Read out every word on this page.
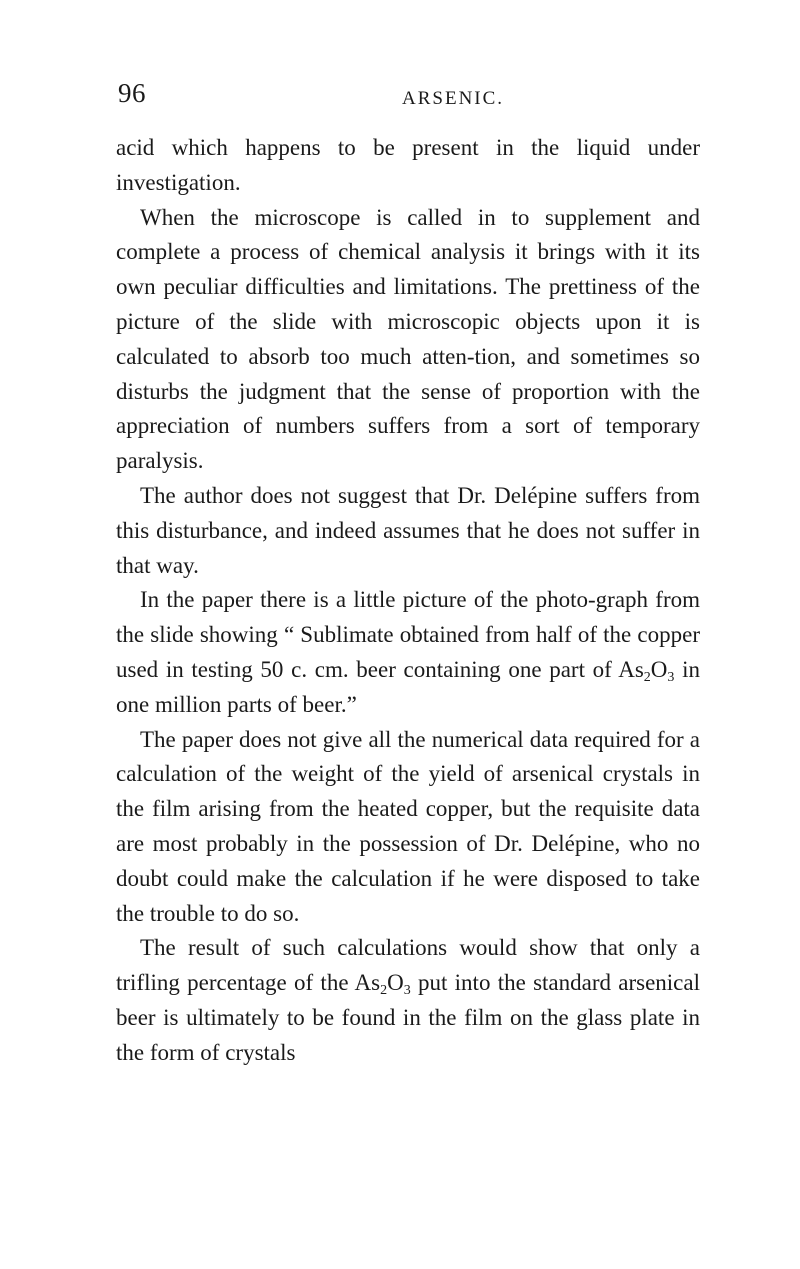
96	ARSENIC.

acid which happens to be present in the liquid under investigation.

When the microscope is called in to supplement and complete a process of chemical analysis it brings with it its own peculiar difficulties and limitations. The prettiness of the picture of the slide with microscopic objects upon it is calculated to absorb too much atten-tion, and sometimes so disturbs the judgment that the sense of proportion with the appreciation of numbers suffers from a sort of temporary paralysis.

The author does not suggest that Dr. Delépine suffers from this disturbance, and indeed assumes that he does not suffer in that way.

In the paper there is a little picture of the photo-graph from the slide showing “ Sublimate obtained from half of the copper used in testing 50 c. cm. beer containing one part of $As_2O_3$ in one million parts of beer.”

The paper does not give all the numerical data required for a calculation of the weight of the yield of arsenical crystals in the film arising from the heated copper, but the requisite data are most probably in the possession of Dr. Delépine, who no doubt could make the calculation if he were disposed to take the trouble to do so.

The result of such calculations would show that only a trifling percentage of the $As_2O_3$ put into the standard arsenical beer is ultimately to be found in the film on the glass plate in the form of crystals
